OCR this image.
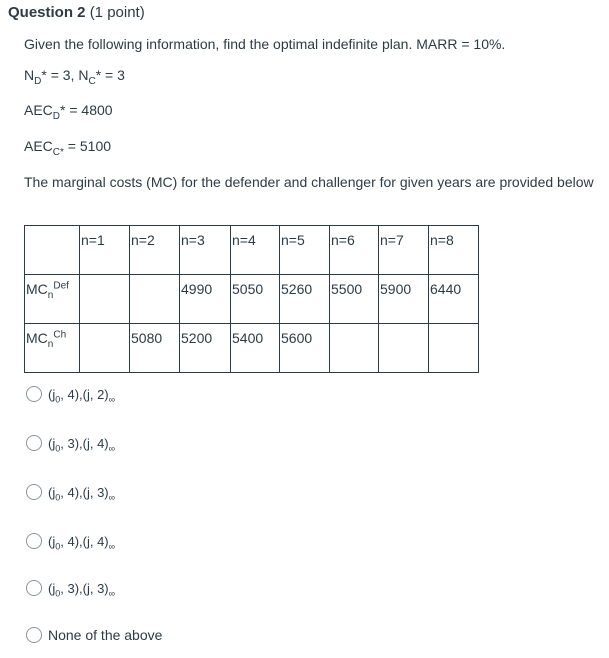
Question 2 (1 point)
Given the following information, find the optimal indefinite plan. MARR = 10%.
$N_D* = 3$, $N_C* = 3$
$AEC_D* = 4800$
$AEC_{C*} = 5100$
The marginal costs (MC) for the defender and challenger for given years are provided below

	n=1	n=2	n=3	n=4	n=5	n=6	n=7	n=8

$MC_n^{Def}$			4990	5050	5260	5500	5900	6440

$MC_n^{Ch}$		5080	5200	5400	5600			

($j_0$, 4),(j, $2)_\infty$
($j_0$, 3),(j, $4)_\infty$
($j_0$, 4),(j, $3)_\infty$
($j_0$, 4),(j, $4)_\infty$
($j_0$, 3),(j, $3)_\infty$
None of the above
